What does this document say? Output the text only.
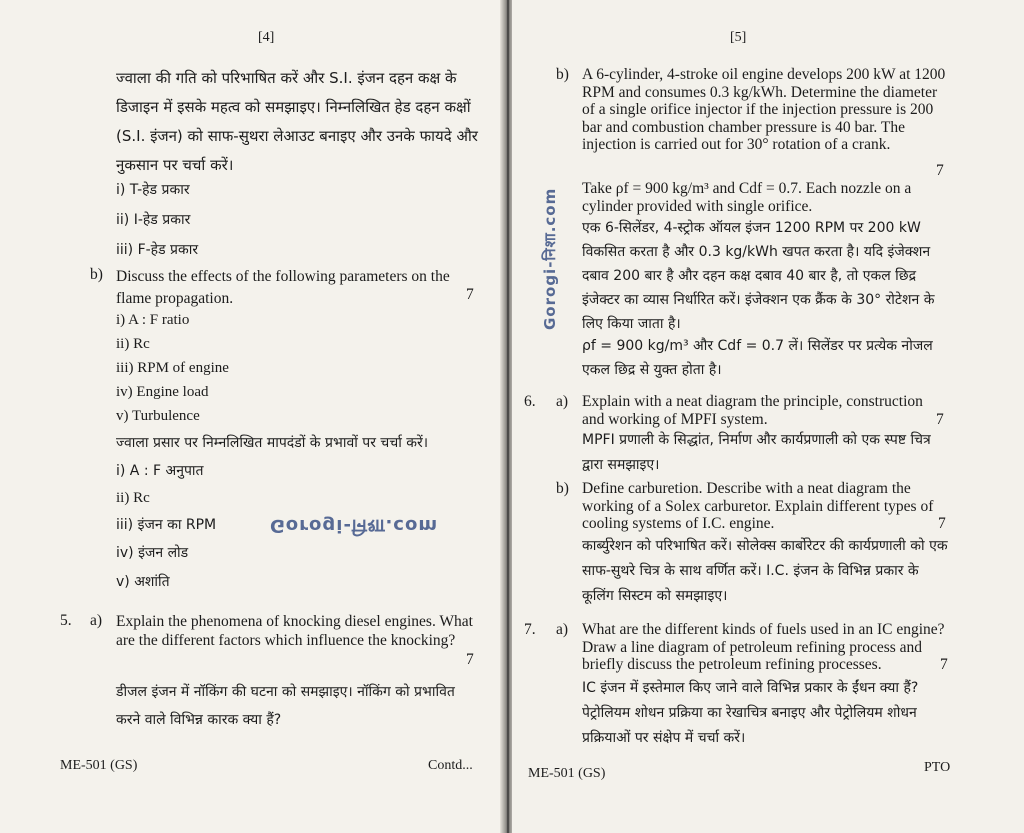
[4]
ज्वाला की गति को परिभाषित करें और S.I. इंजन दहन कक्ष के डिजाइन में इसके महत्व को समझाइए। निम्नलिखित हेड दहन कक्षों (S.I. इंजन) को साफ-सुथरा लेआउट बनाइए और उनके फायदे और नुकसान पर चर्चा करें।
i) T-हेड प्रकार
ii) I-हेड प्रकार
iii) F-हेड प्रकार
b) Discuss the effects of the following parameters on the flame propagation.	7
i) A : F ratio
ii) Rc
iii) RPM of engine
iv) Engine load
v) Turbulence
ज्वाला प्रसार पर निम्नलिखित मापदंडों के प्रभावों पर चर्चा करें।
i) A : F अनुपात
ii) Rc
iii) इंजन का RPM
iv) इंजन लोड
v) अशांति
Gorogi-निशा.com
5. a) Explain the phenomena of knocking diesel engines. What are the different factors which influence the knocking?
7
डीजल इंजन में नॉकिंग की घटना को समझाइए। नॉकिंग को प्रभावित करने वाले विभिन्न कारक क्या हैं?
ME-501 (GS)	Contd...
[5]
b) A 6-cylinder, 4-stroke oil engine develops 200 kW at 1200 RPM and consumes 0.3 kg/kWh. Determine the diameter of a single orifice injector if the injection pressure is 200 bar and combustion chamber pressure is 40 bar. The injection is carried out for 30° rotation of a crank.
7
Take ρf = 900 kg/m³ and Cdf = 0.7. Each nozzle on a cylinder provided with single orifice.
एक 6-सिलेंडर, 4-स्ट्रोक ऑयल इंजन 1200 RPM पर 200 kW विकसित करता है और 0.3 kg/kWh खपत करता है। यदि इंजेक्शन दबाव 200 बार है और दहन कक्ष दबाव 40 बार है, तो एकल छिद्र इंजेक्टर का व्यास निर्धारित करें। इंजेक्शन एक क्रैंक के 30° रोटेशन के लिए किया जाता है।
ρf = 900 kg/m³ और Cdf = 0.7 लें। सिलेंडर पर प्रत्येक नोजल एकल छिद्र से युक्त होता है।
Gorogi-निशा.com
6. a) Explain with a neat diagram the principle, construction and working of MPFI system.	7
MPFI प्रणाली के सिद्धांत, निर्माण और कार्यप्रणाली को एक स्पष्ट चित्र द्वारा समझाइए।
b) Define carburetion. Describe with a neat diagram the working of a Solex carburetor. Explain different types of cooling systems of I.C. engine.	7
कार्ब्युरेशन को परिभाषित करें। सोलेक्स कार्बोरेटर की कार्यप्रणाली को एक साफ-सुथरे चित्र के साथ वर्णित करें। I.C. इंजन के विभिन्न प्रकार के कूलिंग सिस्टम को समझाइए।
7. a) What are the different kinds of fuels used in an IC engine? Draw a line diagram of petroleum refining process and briefly discuss the petroleum refining processes.	7
IC इंजन में इस्तेमाल किए जाने वाले विभिन्न प्रकार के ईंधन क्या हैं? पेट्रोलियम शोधन प्रक्रिया का रेखाचित्र बनाइए और पेट्रोलियम शोधन प्रक्रियाओं पर संक्षेप में चर्चा करें।
ME-501 (GS)	PTO
